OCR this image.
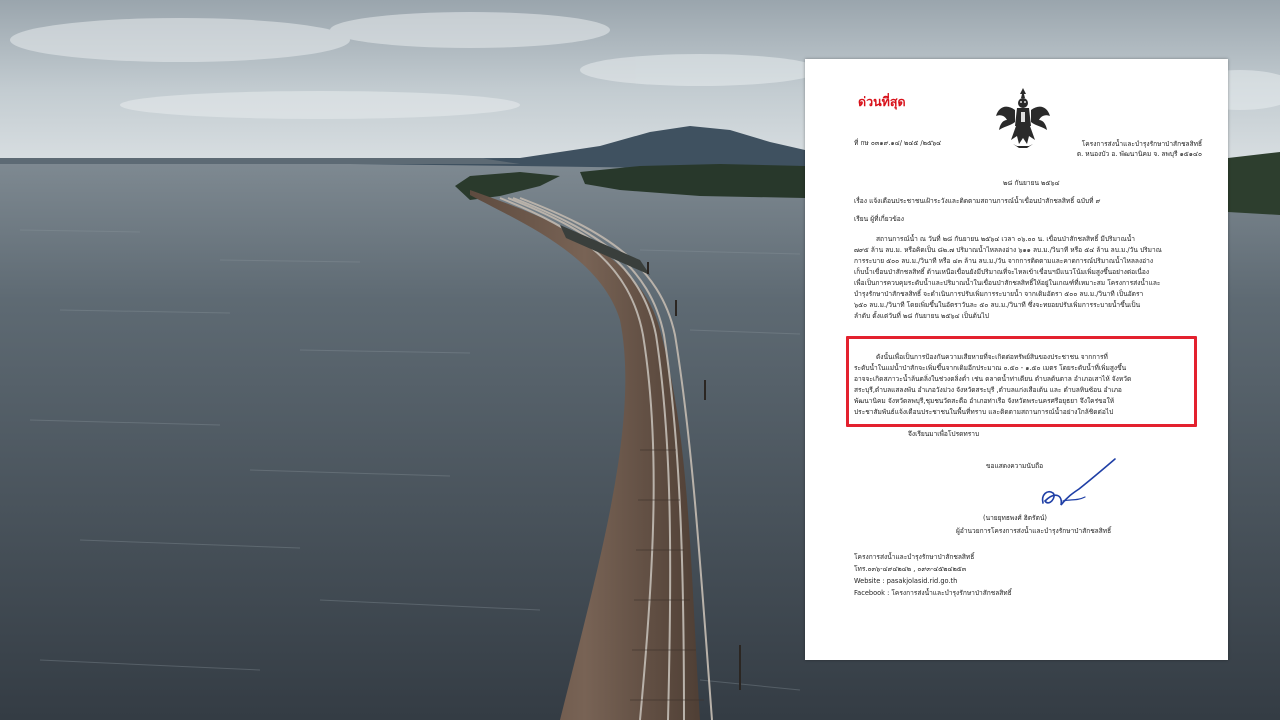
ด่วนที่สุด
ที่ กษ ๐๓๑๙.๑๔/ ๒๔๕ /๒๕๖๔	โครงการส่งน้ำและบำรุงรักษาป่าสักชลสิทธิ์
ต. หนองบัว อ. พัฒนานิคม จ. ลพบุรี ๑๕๑๔๐
๒๘ กันยายน ๒๕๖๔
เรื่อง แจ้งเตือนประชาชนเฝ้าระวังและติดตามสถานการณ์น้ำเขื่อนป่าสักชลสิทธิ์ ฉบับที่ ๙
เรียน ผู้ที่เกี่ยวข้อง
สถานการณ์น้ำ ณ วันที่ ๒๘ กันยายน ๒๕๖๔ เวลา ๐๖.๐๐ น. เขื่อนป่าสักชลสิทธิ์ มีปริมาณน้ำ
๗๙๕ ล้าน ลบ.ม. หรือคิดเป็น ๘๒.๗ ปริมาณน้ำไหลลงอ่าง ๖๑๑ ลบ.ม./วินาที หรือ ๕๔ ล้าน ลบ.ม./วัน ปริมาณ
การระบาย ๕๐๐ ลบ.ม./วินาที หรือ ๔๓ ล้าน ลบ.ม./วัน จากการติดตามและคาดการณ์ปริมาณน้ำไหลลงอ่าง
เก็บน้ำเขื่อนป่าสักชลสิทธิ์ ด้านเหนือเขื่อนยังมีปริมาณที่จะไหลเข้าเขื่อนฯมีแนวโน้มเพิ่มสูงขึ้นอย่างต่อเนื่อง
เพื่อเป็นการควบคุมระดับน้ำและปริมาณน้ำในเขื่อนป่าสักชลสิทธิ์ให้อยู่ในเกณฑ์ที่เหมาะสม โครงการส่งน้ำและ
บำรุงรักษาป่าสักชลสิทธิ์ จะดำเนินการปรับเพิ่มการระบายน้ำ จากเดิมอัตรา ๕๐๐ ลบ.ม./วินาที เป็นอัตรา
๖๕๐ ลบ.ม./วินาที โดยเพิ่มขึ้นในอัตราวันละ ๕๐ ลบ.ม./วินาที ซึ่งจะทยอยปรับเพิ่มการระบายน้ำขึ้นเป็น
ลำดับ ตั้งแต่วันที่ ๒๘ กันยายน ๒๕๖๔ เป็นต้นไป
ดังนั้นเพื่อเป็นการป้องกันความเสียหายที่จะเกิดต่อทรัพย์สินของประชาชน จากการที่
ระดับน้ำในแม่น้ำป่าสักจะเพิ่มขึ้นจากเดิมอีกประมาณ ๐.๕๐ - ๑.๕๐ เมตร โดยระดับน้ำที่เพิ่มสูงขึ้น
อาจจะเกิดสภาวะน้ำล้นตลิ่งในช่วงตลิ่งต่ำ เช่น ตลาดน้ำท่าเตียน ตำบลต้นตาล อำเภอเสาไห้ จังหวัด
สระบุรี,ตำบลแสลงพัน อำเภอวังม่วง จังหวัดสระบุรี ,ตำบลแก่งเสือเต้น และ ตำบลหินซ้อน อำเภอ
พัฒนานิคม จังหวัดลพบุรี,ชุมชนวัดสะตือ อำเภอท่าเรือ จังหวัดพระนครศรีอยุธยา จึงใคร่ขอให้
ประชาสัมพันธ์แจ้งเตือนประชาชนในพื้นที่ทราบ และติดตามสถานการณ์น้ำอย่างใกล้ชิดต่อไป
จึงเรียนมาเพื่อโปรดทราบ
ขอแสดงความนับถือ
(นายยุทธพงศ์ ฮิตรัตน์)
ผู้อำนวยการโครงการส่งน้ำและบำรุงรักษาป่าสักชลสิทธิ์
โครงการส่งน้ำและบำรุงรักษาป่าสักชลสิทธิ์
โทร.๐๓๖-๔๙๔๒๔๒ , ๐๙๓-๔๕๒๔๒๕๓
Website : pasakjolasid.rid.go.th
Facebook : โครงการส่งน้ำและบำรุงรักษาป่าสักชลสิทธิ์
